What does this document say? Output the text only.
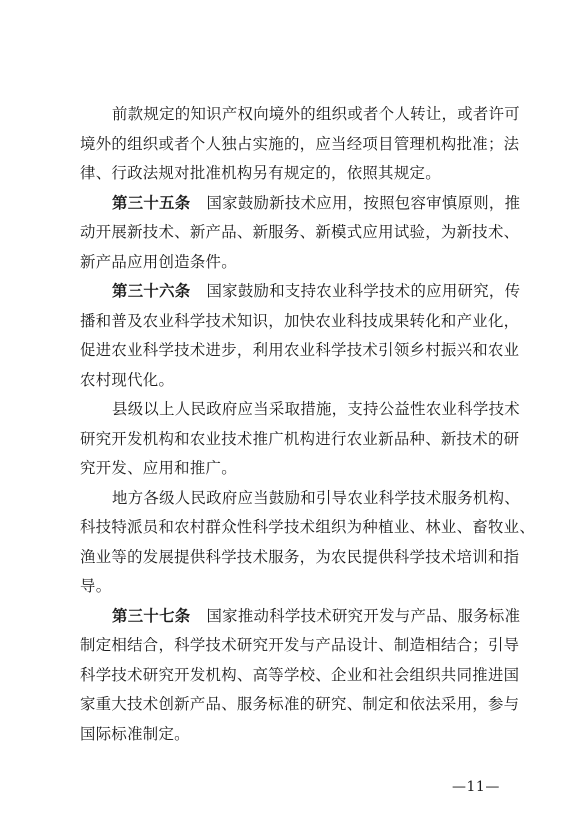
前款规定的知识产权向境外的组织或者个人转让，或者许可
境外的组织或者个人独占实施的，应当经项目管理机构批准；法
律、行政法规对批准机构另有规定的，依照其规定。
第三十五条 国家鼓励新技术应用，按照包容审慎原则，推
动开展新技术、新产品、新服务、新模式应用试验，为新技术、
新产品应用创造条件。
第三十六条 国家鼓励和支持农业科学技术的应用研究，传
播和普及农业科学技术知识，加快农业科技成果转化和产业化，
促进农业科学技术进步，利用农业科学技术引领乡村振兴和农业
农村现代化。
县级以上人民政府应当采取措施，支持公益性农业科学技术
研究开发机构和农业技术推广机构进行农业新品种、新技术的研
究开发、应用和推广。
地方各级人民政府应当鼓励和引导农业科学技术服务机构、
科技特派员和农村群众性科学技术组织为种植业、林业、畜牧业、
渔业等的发展提供科学技术服务，为农民提供科学技术培训和指
导。
第三十七条 国家推动科学技术研究开发与产品、服务标准
制定相结合，科学技术研究开发与产品设计、制造相结合；引导
科学技术研究开发机构、高等学校、企业和社会组织共同推进国
家重大技术创新产品、服务标准的研究、制定和依法采用，参与
国际标准制定。
—11—
